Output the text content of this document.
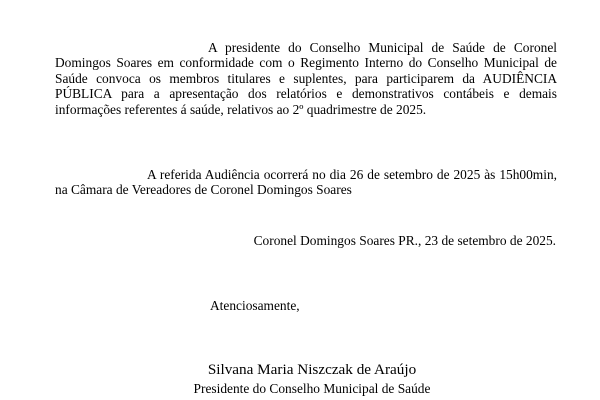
A presidente do Conselho Municipal de Saúde de Coronel Domingos Soares em conformidade com o Regimento Interno do Conselho Municipal de Saúde convoca os membros titulares e suplentes, para participarem da AUDIÊNCIA PÚBLICA para a apresentação dos relatórios e demonstrativos contábeis e demais informações referentes á saúde, relativos ao 2º quadrimestre de 2025.

A referida Audiência ocorrerá no dia 26 de setembro de 2025 às 15h00min, na Câmara de Vereadores de Coronel Domingos Soares

Coronel Domingos Soares PR., 23 de setembro de 2025.

Atenciosamente,

Silvana Maria Niszczak de Araújo

Presidente do Conselho Municipal de Saúde
